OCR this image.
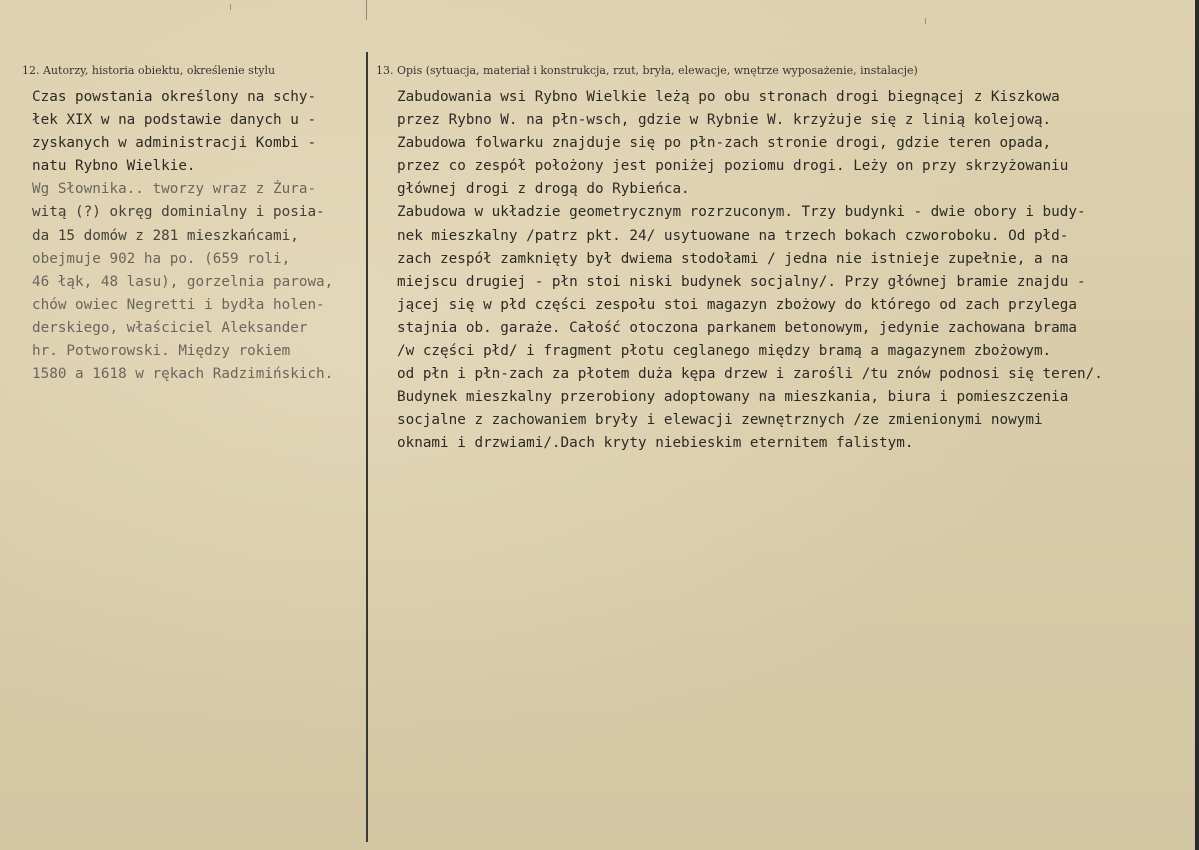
12. Autorzy, historia obiektu, określenie stylu	13. Opis (sytuacja, materiał i konstrukcja, rzut, bryła, elewacje, wnętrze wyposażenie, instalacje)
Czas powstania określony na schy-
łek XIX w na podstawie danych u -
zyskanych w administracji Kombi -
natu Rybno Wielkie.
Wg Słownika.. tworzy wraz z Żura-
witą (?) okręg dominialny i posia-
da 15 domów z 281 mieszkańcami,
obejmuje 902 ha po. (659 roli,
46 łąk, 48 lasu), gorzelnia parowa,
chów owiec Negretti i bydła holen-
derskiego, właściciel Aleksander
hr. Potworowski. Między rokiem
1580 a 1618 w rękach Radzimińskich.
Zabudowania wsi Rybno Wielkie leżą po obu stronach drogi biegnącej z Kiszkowa
przez Rybno W. na płn-wsch, gdzie w Rybnie W. krzyżuje się z linią kolejową.
Zabudowa folwarku znajduje się po płn-zach stronie drogi, gdzie teren opada,
przez co zespół położony jest poniżej poziomu drogi. Leży on przy skrzyżowaniu
głównej drogi z drogą do Rybieńca.
Zabudowa w układzie geometrycznym rozrzuconym. Trzy budynki - dwie obory i budy-
nek mieszkalny /patrz pkt. 24/ usytuowane na trzech bokach czworoboku. Od płd-
zach zespół zamknięty był dwiema stodołami / jedna nie istnieje zupełnie, a na
miejscu drugiej - płn stoi niski budynek socjalny/. Przy głównej bramie znajdu -
jącej się w płd części zespołu stoi magazyn zbożowy do którego od zach przylega
stajnia ob. garaże. Całość otoczona parkanem betonowym, jedynie zachowana brama
/w części płd/ i fragment płotu ceglanego między bramą a magazynem zbożowym.
od płn i płn-zach za płotem duża kępa drzew i zarośli /tu znów podnosi się teren/.
Budynek mieszkalny przerobiony adoptowany na mieszkania, biura i pomieszczenia
socjalne z zachowaniem bryły i elewacji zewnętrznych /ze zmienionymi nowymi
oknami i drzwiami/.Dach kryty niebieskim eternitem falistym.
